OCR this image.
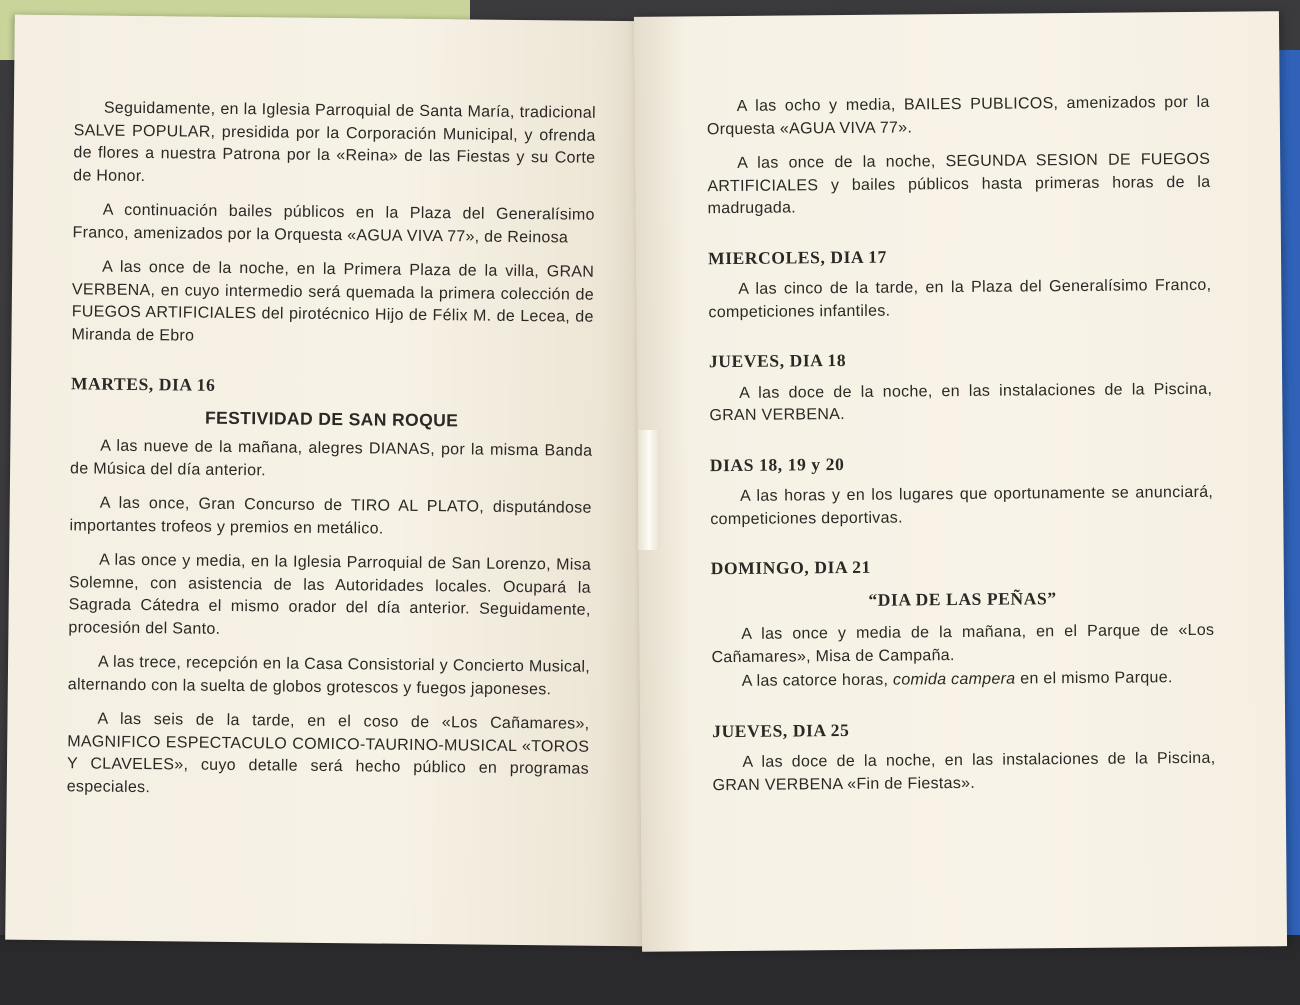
Seguidamente, en la Iglesia Parroquial de Santa María, tradicional SALVE POPULAR, presidida por la Corporación Municipal, y ofrenda de flores a nuestra Patrona por la «Reina» de las Fiestas y su Corte de Honor.

A continuación bailes públicos en la Plaza del Generalísimo Franco, amenizados por la Orquesta «AGUA VIVA 77», de Reinosa

A las once de la noche, en la Primera Plaza de la villa, GRAN VERBENA, en cuyo intermedio será quemada la primera colección de FUEGOS ARTIFICIALES del pirotécnico Hijo de Félix M. de Lecea, de Miranda de Ebro

MARTES, DIA 16
FESTIVIDAD DE SAN ROQUE

A las nueve de la mañana, alegres DIANAS, por la misma Banda de Música del día anterior.

A las once, Gran Concurso de TIRO AL PLATO, disputándose importantes trofeos y premios en metálico.

A las once y media, en la Iglesia Parroquial de San Lorenzo, Misa Solemne, con asistencia de las Autoridades locales. Ocupará la Sagrada Cátedra el mismo orador del día anterior. Seguidamente, procesión del Santo.

A las trece, recepción en la Casa Consistorial y Concierto Musical, alternando con la suelta de globos grotescos y fuegos japoneses.

A las seis de la tarde, en el coso de «Los Cañamares», MAGNIFICO ESPECTACULO COMICO-TAURINO-MUSICAL «TOROS Y CLAVELES», cuyo detalle será hecho público en programas especiales.

A las ocho y media, BAILES PUBLICOS, amenizados por la Orquesta «AGUA VIVA 77».

A las once de la noche, SEGUNDA SESION DE FUEGOS ARTIFICIALES y bailes públicos hasta primeras horas de la madrugada.

MIERCOLES, DIA 17

A las cinco de la tarde, en la Plaza del Generalísimo Franco, competiciones infantiles.

JUEVES, DIA 18

A las doce de la noche, en las instalaciones de la Piscina, GRAN VERBENA.

DIAS 18, 19 y 20

A las horas y en los lugares que oportunamente se anunciará, competiciones deportivas.

DOMINGO, DIA 21
“DIA DE LAS PEÑAS”

A las once y media de la mañana, en el Parque de «Los Cañamares», Misa de Campaña.

A las catorce horas, comida campera en el mismo Parque.

JUEVES, DIA 25

A las doce de la noche, en las instalaciones de la Piscina, GRAN VERBENA «Fin de Fiestas».
